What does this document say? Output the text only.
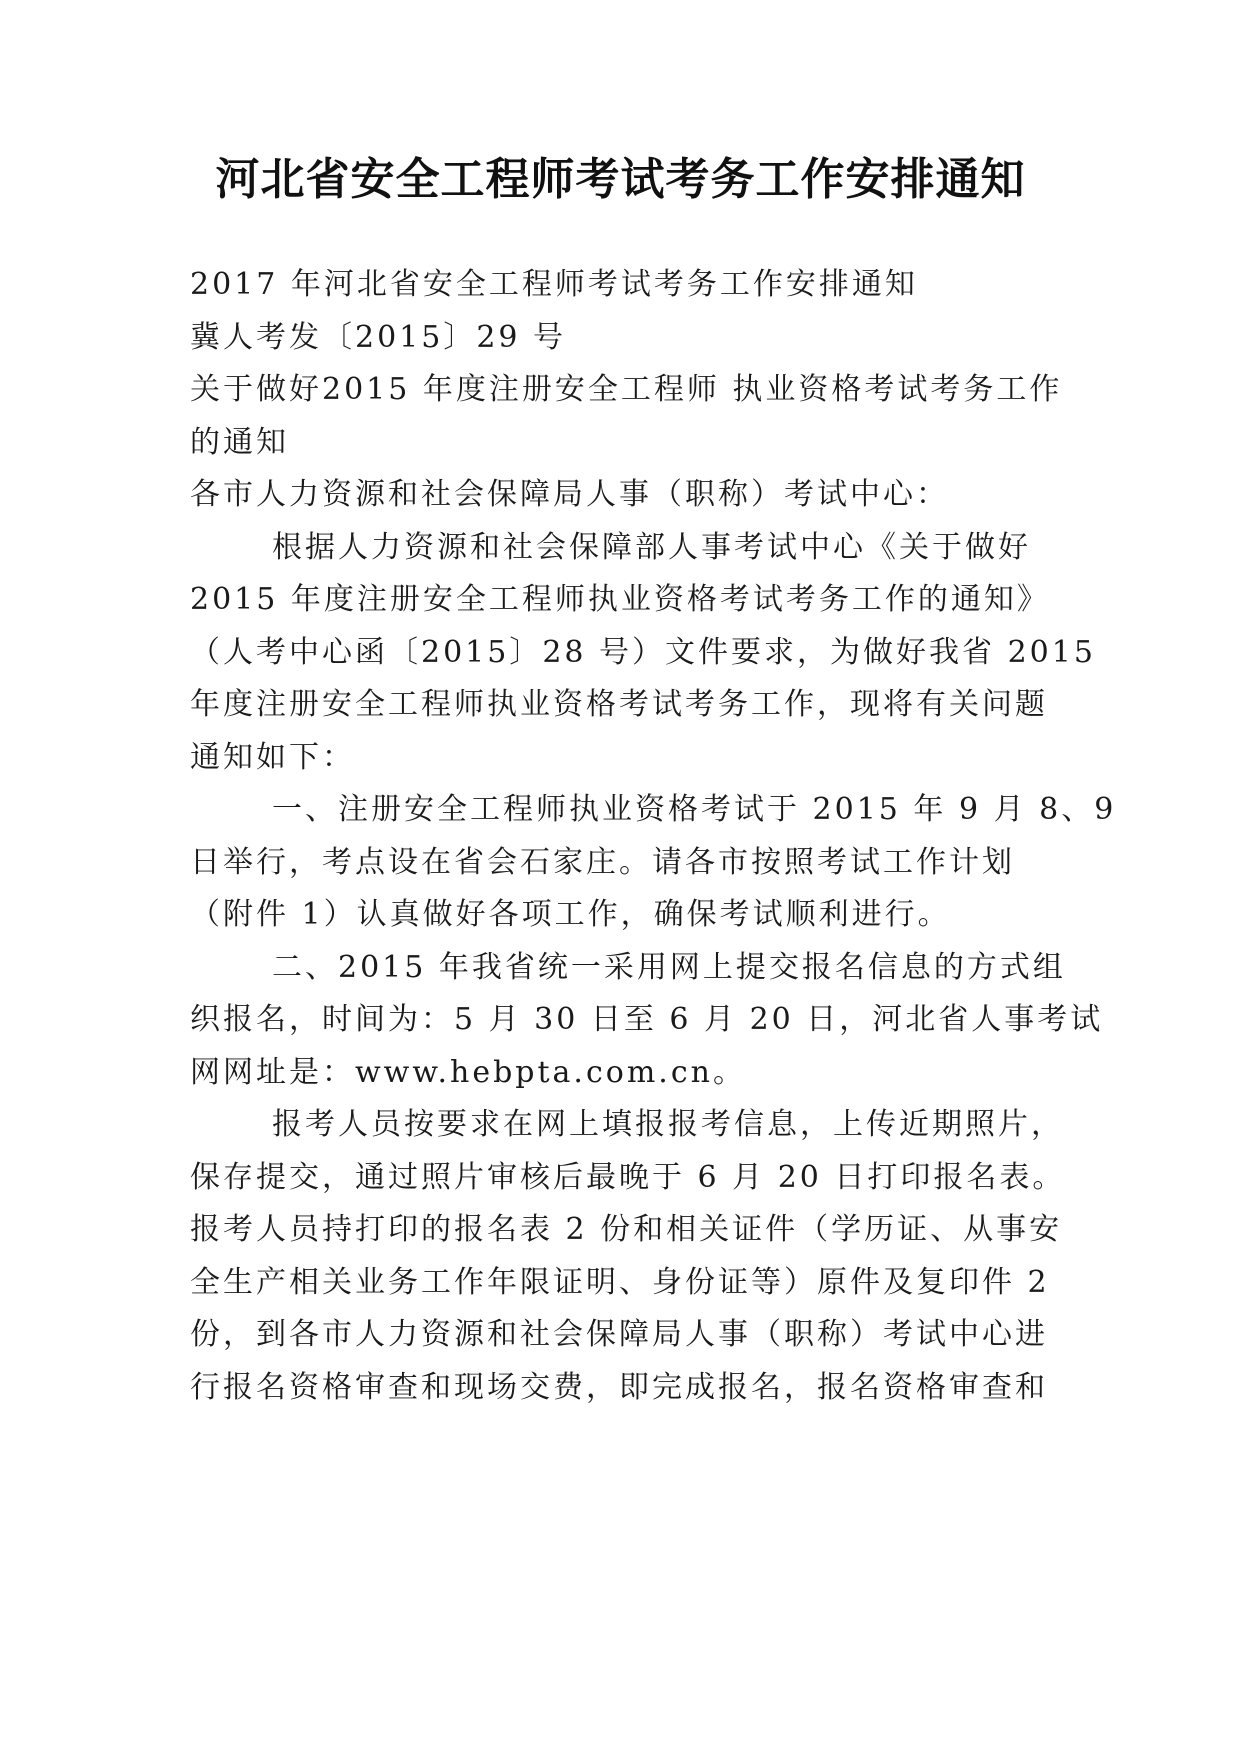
河北省安全工程师考试考务工作安排通知
2017 年河北省安全工程师考试考务工作安排通知
冀人考发〔2015〕29 号
关于做好2015 年度注册安全工程师 执业资格考试考务工作
的通知
各市人力资源和社会保障局人事（职称）考试中心：
根据人力资源和社会保障部人事考试中心《关于做好
2015 年度注册安全工程师执业资格考试考务工作的通知》
（人考中心函〔2015〕28 号）文件要求，为做好我省 2015
年度注册安全工程师执业资格考试考务工作，现将有关问题
通知如下：
一、注册安全工程师执业资格考试于 2015 年 9 月 8、9
日举行，考点设在省会石家庄。请各市按照考试工作计划
（附件 1）认真做好各项工作，确保考试顺利进行。
二、2015 年我省统一采用网上提交报名信息的方式组
织报名，时间为：5 月 30 日至 6 月 20 日，河北省人事考试
网网址是：www.hebpta.com.cn。
报考人员按要求在网上填报报考信息，上传近期照片，
保存提交，通过照片审核后最晚于 6 月 20 日打印报名表。
报考人员持打印的报名表 2 份和相关证件（学历证、从事安
全生产相关业务工作年限证明、身份证等）原件及复印件 2
份，到各市人力资源和社会保障局人事（职称）考试中心进
行报名资格审查和现场交费，即完成报名，报名资格审查和
